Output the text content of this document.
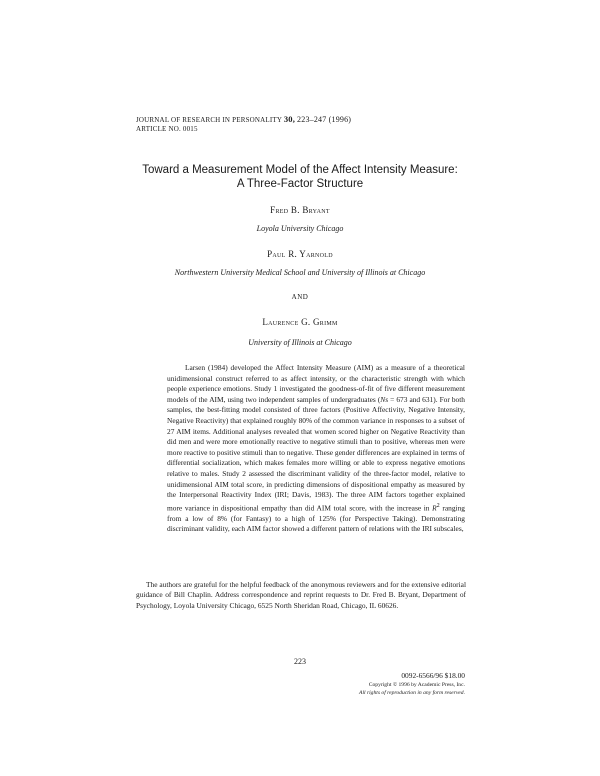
JOURNAL OF RESEARCH IN PERSONALITY 30, 223–247 (1996)
ARTICLE NO. 0015
Toward a Measurement Model of the Affect Intensity Measure:
A Three-Factor Structure
Fred B. Bryant
Loyola University Chicago
Paul R. Yarnold
Northwestern University Medical School and University of Illinois at Chicago
AND
Laurence G. Grimm
University of Illinois at Chicago

Larsen (1984) developed the Affect Intensity Measure (AIM) as a measure of a theoretical unidimensional construct referred to as affect intensity, or the characteristic strength with which people experience emotions. Study 1 investigated the goodness-of-fit of five different measurement models of the AIM, using two independent samples of undergraduates (Ns = 673 and 631). For both samples, the best-fitting model consisted of three factors (Positive Affectivity, Negative Intensity, Negative Reactivity) that explained roughly 80% of the common variance in responses to a subset of 27 AIM items. Additional analyses revealed that women scored higher on Negative Reactivity than did men and were more emotionally reactive to negative stimuli than to positive, whereas men were more reactive to positive stimuli than to negative. These gender differences are explained in terms of differential socialization, which makes females more willing or able to express negative emotions relative to males. Study 2 assessed the discriminant validity of the three-factor model, relative to unidimensional AIM total score, in predicting dimensions of dispositional empathy as measured by the Interpersonal Reactivity Index (IRI; Davis, 1983). The three AIM factors together explained more variance in dispositional empathy than did AIM total score, with the increase in $R^2$ ranging from a low of 8% (for Fantasy) to a high of 125% (for Perspective Taking). Demonstrating discriminant validity, each AIM factor showed a different pattern of relations with the IRI subscales,

The authors are grateful for the helpful feedback of the anonymous reviewers and for the extensive editorial guidance of Bill Chaplin. Address correspondence and reprint requests to Dr. Fred B. Bryant, Department of Psychology, Loyola University Chicago, 6525 North Sheridan Road, Chicago, IL 60626.

223
0092-6566/96 $18.00
Copyright © 1996 by Academic Press, Inc.
All rights of reproduction in any form reserved.
